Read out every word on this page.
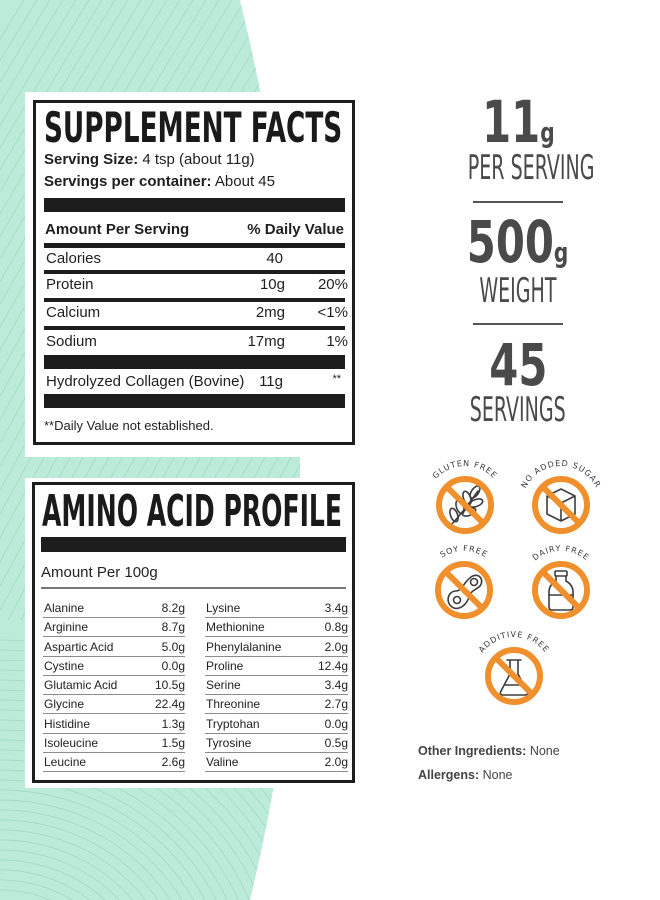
SUPPLEMENT FACTS
Serving Size: 4 tsp (about 11g)
Servings per container: About 45
Amount Per Serving	% Daily Value
Calories	40
Protein	10g 20%
Calcium	2mg <1%
Sodium	17mg	1%
Hydrolyzed Collagen (Bovine) 11g	**
**Daily Value not established.
AMINO ACID PROFILE
Amount Per 100g
Alanine	8.2g
Arginine	8.7g
Aspartic Acid	5.0g
Cystine	0.0g
Glutamic Acid	10.5g
Glycine	22.4g
Histidine	1.3g
Isoleucine	1.5g
Leucine	2.6g
Lysine	3.4g
Methionine	0.8g
Phenylalanine	2.0g
Proline	12.4g
Serine	3.4g
Threonine	2.7g
Tryptohan	0.0g
Tyrosine	0.5g
Valine	2.0g
11g
PER SERVING
500g
WEIGHT
45
SERVINGS
GLUTEN FREE
NO ADDED SUGAR
SOY FREE	DAIRY FREE
ADDITIVE FREE
Other Ingredients: None
Allergens: None
